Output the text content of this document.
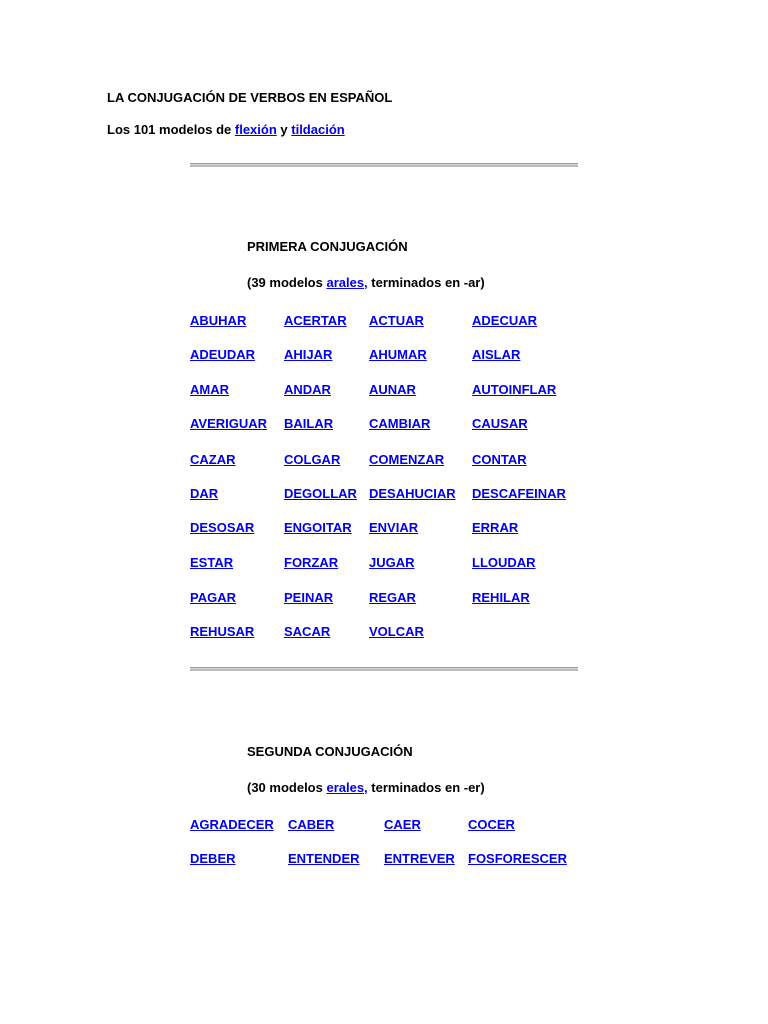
LA CONJUGACIÓN DE VERBOS EN ESPAÑOL
Los 101 modelos de flexión y tildación
PRIMERA CONJUGACIÓN
(39 modelos arales, terminados en -ar)
ABUHAR	ACERTAR ACTUAR	ADECUAR
ADEUDAR AHIJAR	AHUMAR	AISLAR
AMAR	ANDAR	AUNAR	AUTOINFLAR
AVERIGUAR BAILAR	CAMBIAR	CAUSAR
CAZAR	COLGAR COMENZAR CONTAR
DAR	DEGOLLAR DESAHUCIAR DESCAFEINAR
DESOSAR ENGOITAR ENVIAR	ERRAR
ESTAR	FORZAR JUGAR	LLOUDAR
PAGAR	PEINAR	REGAR	REHILAR
REHUSAR SACAR	VOLCAR
SEGUNDA CONJUGACIÓN
(30 modelos erales, terminados en -er)
AGRADECER CABER	CAER	COCER
DEBER	ENTENDER ENTREVER FOSFORESCER
